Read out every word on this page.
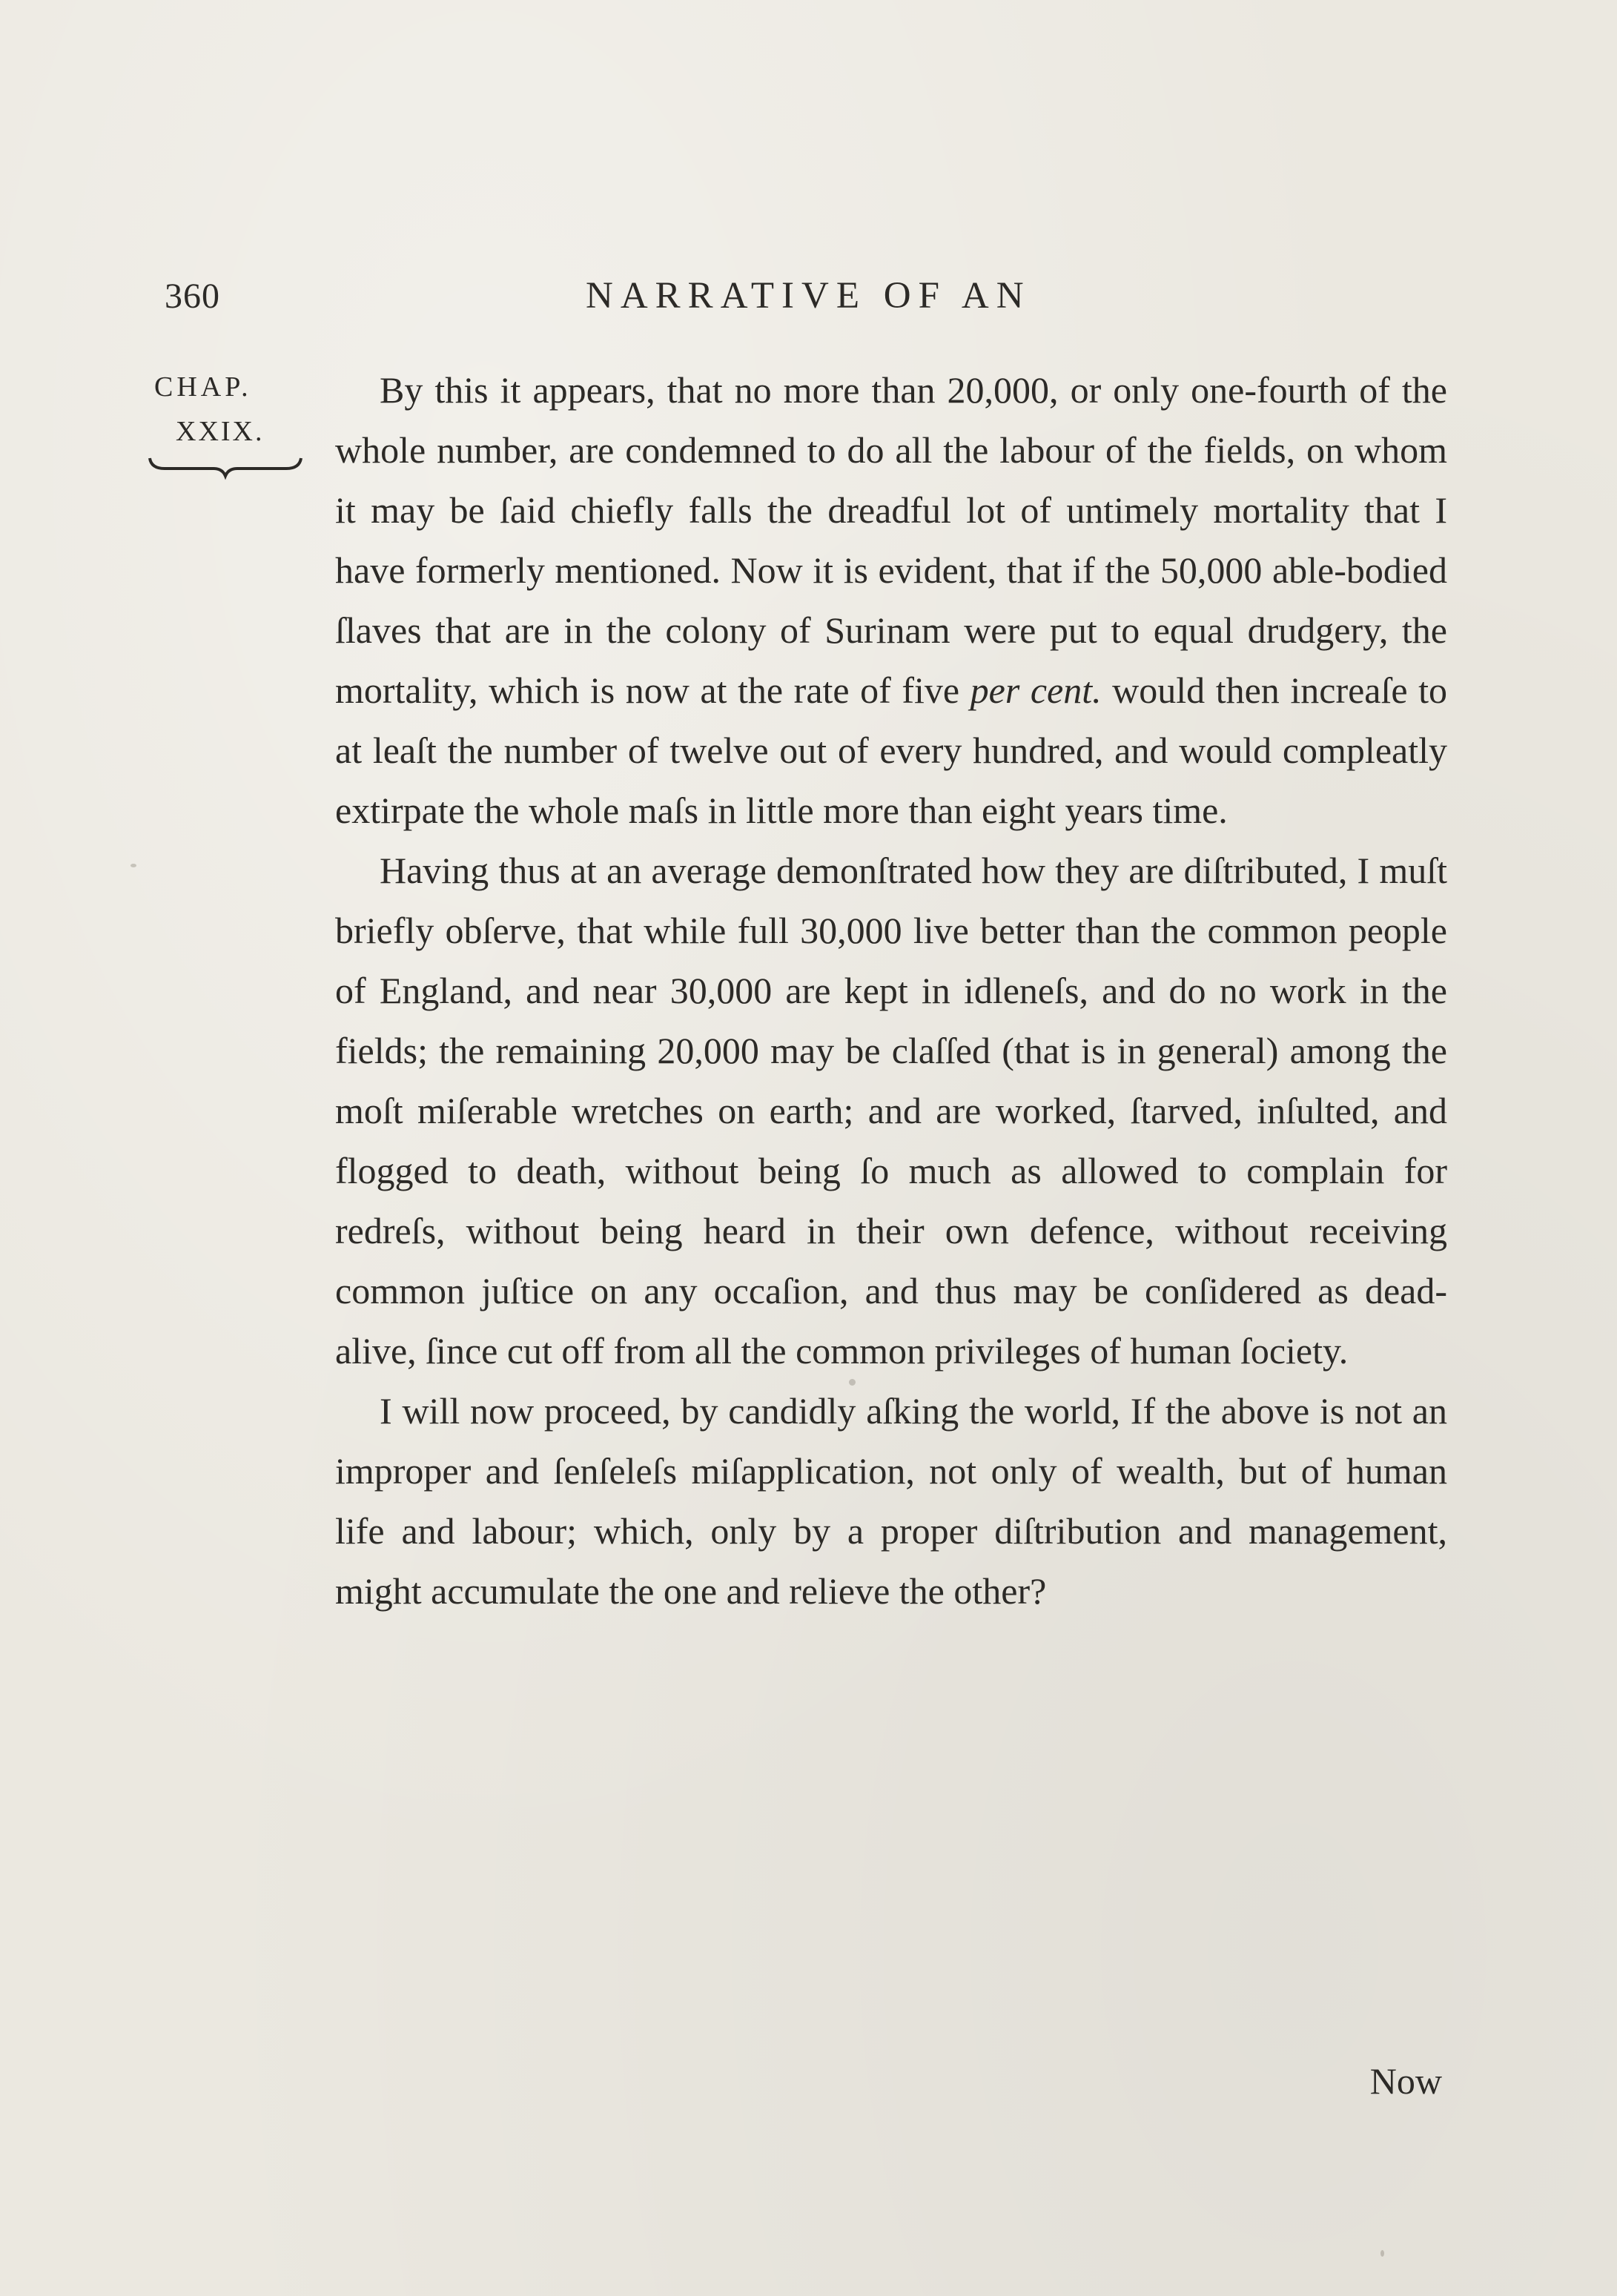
360	NARRATIVE OF AN
CHAP.
XXIX.

By this it appears, that no more than 20,000, or only one-fourth of the whole number, are condemned to do all the labour of the fields, on whom it may be ſaid chiefly falls the dreadful lot of untimely mortality that I have formerly mentioned. Now it is evident, that if the 50,000 able-bodied ſlaves that are in the colony of Surinam were put to equal drudgery, the mortality, which is now at the rate of five per cent. would then increaſe to at leaſt the number of twelve out of every hundred, and would compleatly extirpate the whole maſs in little more than eight years time.

Having thus at an average demonſtrated how they are diſtributed, I muſt briefly obſerve, that while full 30,000 live better than the common people of England, and near 30,000 are kept in idleneſs, and do no work in the fields; the remaining 20,000 may be claſſed (that is in general) among the moſt miſerable wretches on earth; and are worked, ſtarved, inſulted, and flogged to death, without being ſo much as allowed to complain for redreſs, without being heard in their own defence, without receiving common juſtice on any occaſion, and thus may be conſidered as dead-alive, ſince cut off from all the common privileges of human ſociety.

I will now proceed, by candidly aſking the world, If the above is not an improper and ſenſeleſs miſapplication, not only of wealth, but of human life and labour; which, only by a proper diſtribution and management, might accumulate the one and relieve the other?

Now
